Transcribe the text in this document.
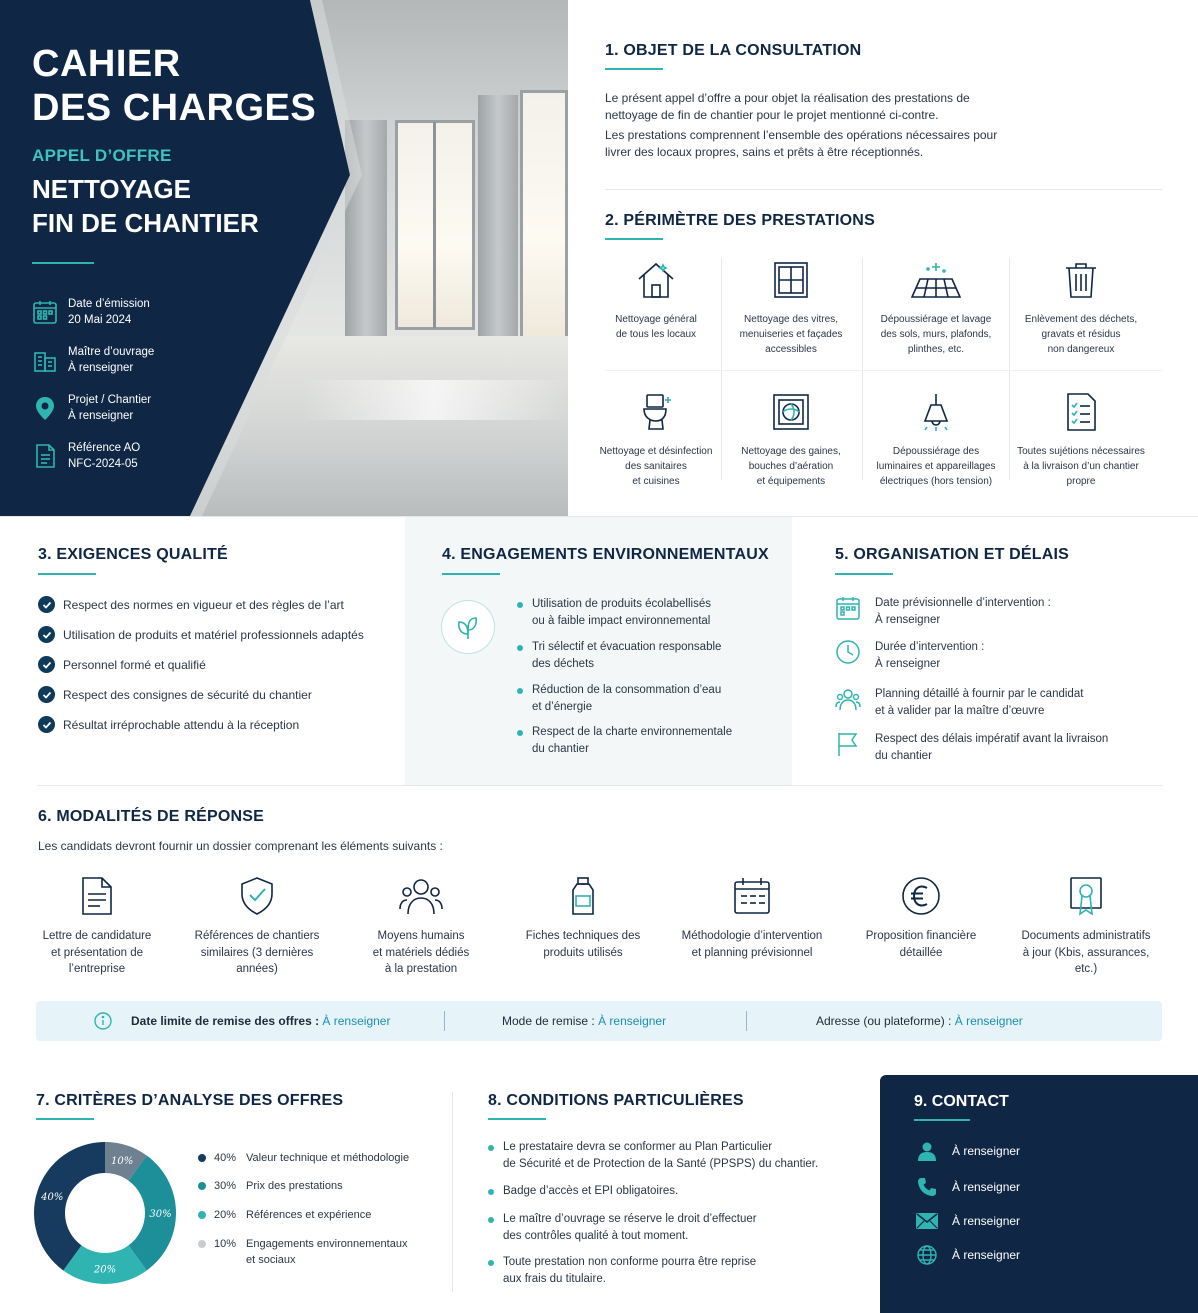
CAHIER
DES CHARGES
APPEL D’OFFRE
NETTOYAGE
FIN DE CHANTIER
Date d’émission
20 Mai 2024
Maître d’ouvrage
À renseigner
Projet / Chantier
À renseigner
Référence AO
NFC-2024-05
1. OBJET DE LA CONSULTATION
Le présent appel d’offre a pour objet la réalisation des prestations de
nettoyage de fin de chantier pour le projet mentionné ci-contre.
Les prestations comprennent l’ensemble des opérations nécessaires pour
livrer des locaux propres, sains et prêts à être réceptionnés.
2. PÉRIMÈTRE DES PRESTATIONS
Nettoyage général
de tous les locaux
Nettoyage des vitres,
menuiseries et façades
accessibles
Dépoussiérage et lavage
des sols, murs, plafonds,
plinthes, etc.
Enlèvement des déchets,
gravats et résidus
non dangereux
Nettoyage et désinfection
des sanitaires
et cuisines
Nettoyage des gaines,
bouches d’aération
et équipements
Dépoussiérage des
luminaires et appareillages
électriques (hors tension)
Toutes sujétions nécessaires
à la livraison d’un chantier
propre
3. EXIGENCES QUALITÉ
Respect des normes en vigueur et des règles de l’art
Utilisation de produits et matériel professionnels adaptés
Personnel formé et qualifié
Respect des consignes de sécurité du chantier
Résultat irréprochable attendu à la réception
4. ENGAGEMENTS ENVIRONNEMENTAUX
Utilisation de produits écolabellisés
ou à faible impact environnemental
Tri sélectif et évacuation responsable
des déchets
Réduction de la consommation d’eau
et d’énergie
Respect de la charte environnementale
du chantier
5. ORGANISATION ET DÉLAIS
Date prévisionnelle d’intervention :
À renseigner
Durée d’intervention :
À renseigner
Planning détaillé à fournir par le candidat
et à valider par la maître d’œuvre
Respect des délais impératif avant la livraison
du chantier
6. MODALITÉS DE RÉPONSE
Les candidats devront fournir un dossier comprenant les éléments suivants :
Lettre de candidature
et présentation de
l’entreprise
Références de chantiers
similaires (3 dernières
années)
Moyens humains
et matériels dédiés
à la prestation
Fiches techniques des
produits utilisés
Méthodologie d’intervention
et planning prévisionnel
Proposition financière
détaillée
Documents administratifs
à jour (Kbis, assurances,
etc.)
Date limite de remise des offres : À renseigner	Mode de remise : À renseigner	Adresse (ou plateforme) : À renseigner
7. CRITÈRES D’ANALYSE DES OFFRES
10%
30%
20%
40%
40% Valeur technique et méthodologie
30% Prix des prestations
20% Références et expérience
10% Engagements environnementaux
et sociaux
8. CONDITIONS PARTICULIÈRES
Le prestataire devra se conformer au Plan Particulier
de Sécurité et de Protection de la Santé (PPSPS) du chantier.
Badge d’accès et EPI obligatoires.
Le maître d’ouvrage se réserve le droit d’effectuer
des contrôles qualité à tout moment.
Toute prestation non conforme pourra être reprise
aux frais du titulaire.
9. CONTACT
À renseigner
À renseigner
À renseigner
À renseigner
